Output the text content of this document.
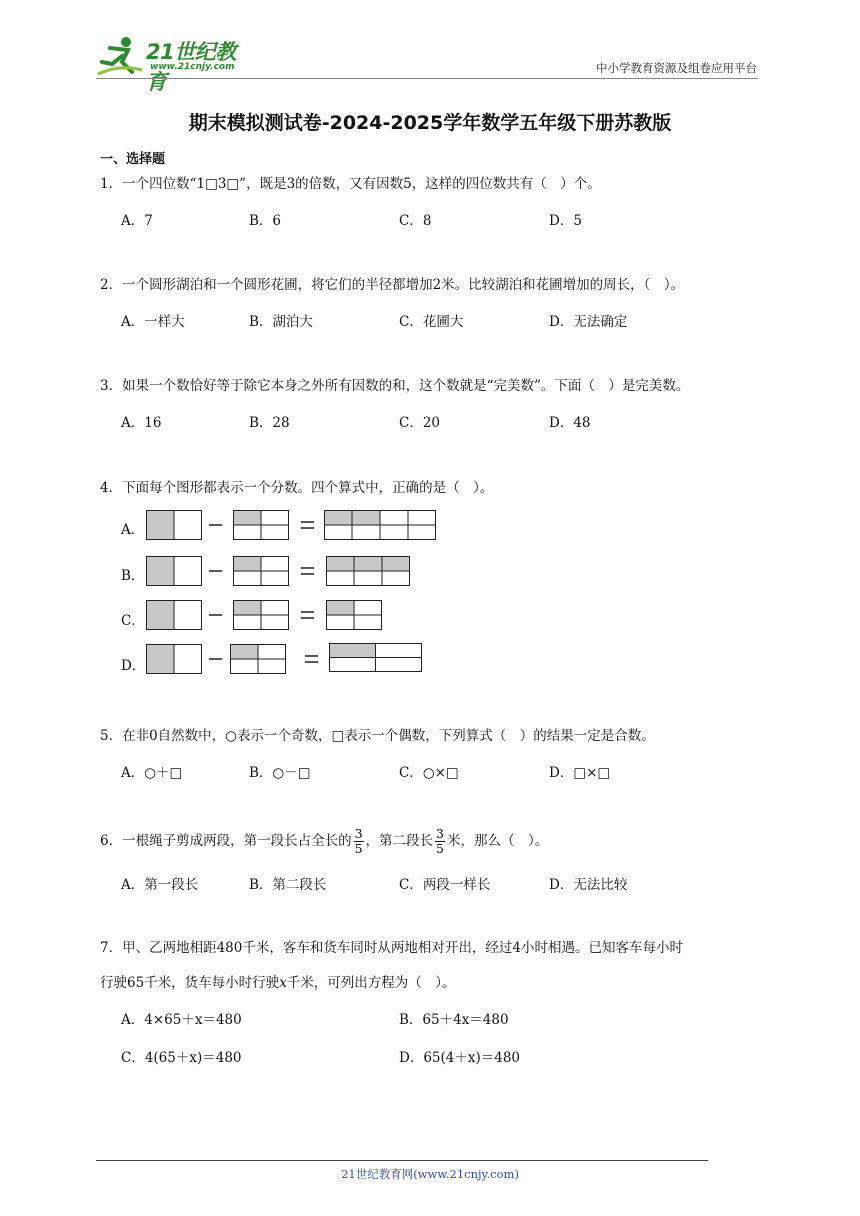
21世纪教育
www.21cnjy.com	中小学教育资源及组卷应用平台
期末模拟测试卷-2024-2025学年数学五年级下册苏教版
一、选择题
1．一个四位数“1□3□”，既是3的倍数，又有因数5，这样的四位数共有（　）个。
A．7	B．6	C．8	D．5
2．一个圆形湖泊和一个圆形花圃，将它们的半径都增加2米。比较湖泊和花圃增加的周长，（　）。
A．一样大	B．湖泊大	C．花圃大	D．无法确定
3．如果一个数恰好等于除它本身之外所有因数的和，这个数就是“完美数”。下面（　）是完美数。
A．16	B．28	C．20	D．48
4．下面每个图形都表示一个分数。四个算式中，正确的是（　）。
A．
B．
C．
D．
5．在非0自然数中，○表示一个奇数，□表示一个偶数，下列算式（　）的结果一定是合数。
A．○＋□	B．○－□	C．○×□	D．□×□
6．一根绳子剪成两段，第一段长占全长的 $\frac{3}{5}$ ，第二段长 $\frac{3}{5}$ 米，那么（　）。
A．第一段长	B．第二段长	C．两段一样长	D．无法比较
7．甲、乙两地相距480千米，客车和货车同时从两地相对开出，经过4小时相遇。已知客车每小时
行驶65千米，货车每小时行驶x千米，可列出方程为（　）。
A．4×65＋x＝480	B．65＋4x＝480
C．4(65＋x)＝480	D．65(4＋x)＝480
21世纪教育网(www.21cnjy.com)
